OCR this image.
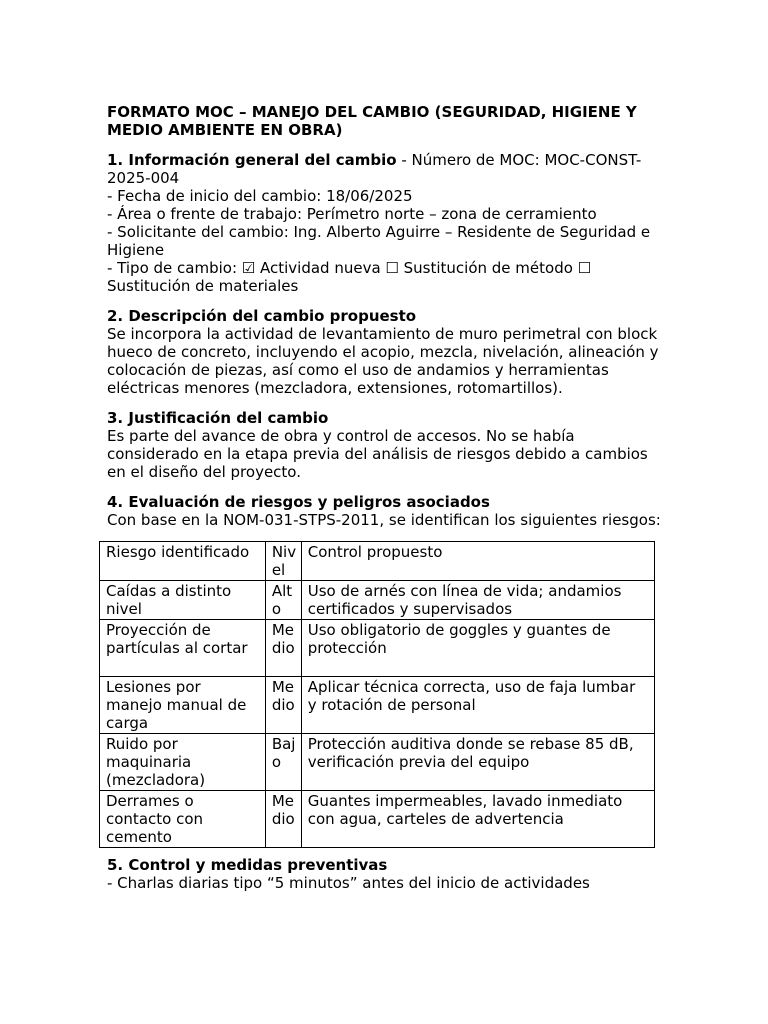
FORMATO MOC – MANEJO DEL CAMBIO (SEGURIDAD, HIGIENE Y MEDIO AMBIENTE EN OBRA)
1. Información general del cambio - Número de MOC: MOC-CONST-2025-004
- Fecha de inicio del cambio: 18/06/2025
- Área o frente de trabajo: Perímetro norte – zona de cerramiento
- Solicitante del cambio: Ing. Alberto Aguirre – Residente de Seguridad e Higiene
- Tipo de cambio: ☑ Actividad nueva ☐ Sustitución de método ☐ Sustitución de materiales
2. Descripción del cambio propuesto
Se incorpora la actividad de levantamiento de muro perimetral con block hueco de concreto, incluyendo el acopio, mezcla, nivelación, alineación y colocación de piezas, así como el uso de andamios y herramientas eléctricas menores (mezcladora, extensiones, rotomartillos).
3. Justificación del cambio
Es parte del avance de obra y control de accesos. No se había considerado en la etapa previa del análisis de riesgos debido a cambios en el diseño del proyecto.
4. Evaluación de riesgos y peligros asociados
Con base en la NOM-031-STPS-2011, se identifican los siguientes riesgos:
Riesgo identificado	Nivel	Control propuesto
Caídas a distinto nivel	Alto	Uso de arnés con línea de vida; andamios certificados y supervisados
Proyección de partículas al cortar	Medio	Uso obligatorio de goggles y guantes de protección
Lesiones por manejo manual de carga	Medio	Aplicar técnica correcta, uso de faja lumbar y rotación de personal
Ruido por maquinaria (mezcladora)	Bajo	Protección auditiva donde se rebase 85 dB, verificación previa del equipo
Derrames o contacto con cemento	Medio	Guantes impermeables, lavado inmediato con agua, carteles de advertencia
5. Control y medidas preventivas
- Charlas diarias tipo “5 minutos” antes del inicio de actividades
